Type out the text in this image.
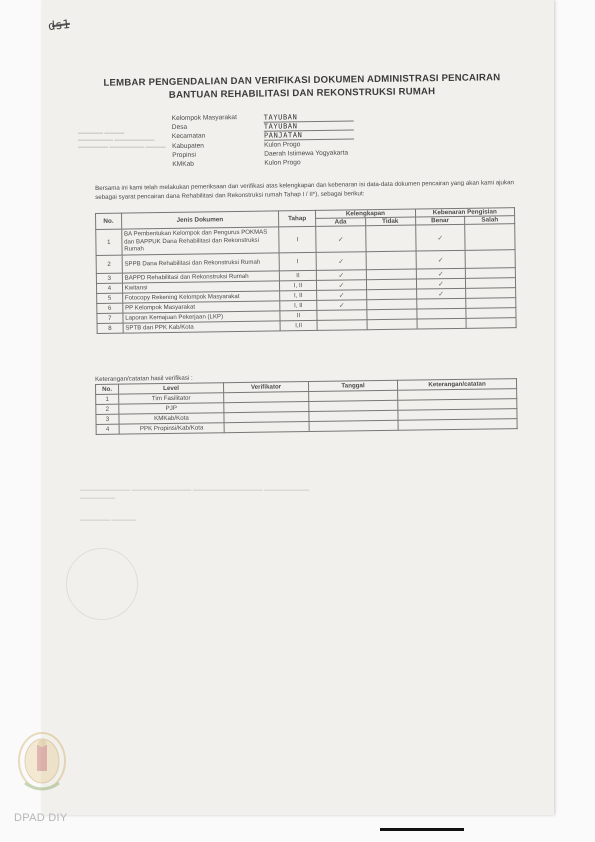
ds1
LEMBAR PENGENDALIAN DAN VERIFIKASI DOKUMEN ADMINISTRASI PENCAIRAN
BANTUAN REHABILITASI DAN REKONSTRUKSI RUMAH
▬▬▬▬▬ ▬▬▬▬
▬▬▬▬▬▬▬ ▬▬▬▬▬▬▬▬
▬▬▬▬▬▬ ▬▬▬▬▬▬▬ ▬▬▬▬
Kelompok Masyarakat	TAYUBAN
Desa	TAYUBAN
Kecamatan	PANJATAN
Kabupaten	Kulon Progo
Propinsi	Daerah Istimewa Yogyakarta
KMKab	Kulon Progo
Bersama ini kami telah melakukan pemeriksaan dan verifikasi atas kelengkapan dan kebenaran isi data-data dokumen pencairan yang akan kami ajukan sebagai syarat pencairan dana Rehabilitasi dan Rekonstruksi rumah Tahap I / II*), sebagai berikut:
No.	Jenis Dokumen	Tahap	Kelengkapan		Kebenaran Pengisian	
			Ada	Tidak	Benar	Salah
1	BA Pembentukan Kelompok dan Pengurus POKMAS dan BAPPUK Dana Rehabilitasi dan Rekonstruksi Rumah	I	✓		✓	
2	SPPB Dana Rehabilitasi dan Rekonstruksi Rumah	I	✓		✓	
3	BAPPD Rehabilitasi dan Rekonstruksi Rumah	II	✓		✓	
4	Kwitansi	I, II	✓		✓	
5	Fotocopy Rekening Kelompok Masyarakat	I, II	✓		✓	
6	PP Kelompok Masyarakat	I, II	✓			
7	Laporan Kemajuan Pekerjaan (LKP)	II				
8	SPTB dari PPK Kab/Kota	I,II				
Keterangan/catatan hasil verifikasi :
No.	Level	Verifikator	Tanggal	Keterangan/catatan
1	Tim Fasilitator			
2	PJP			
3	KMKab/Kota			
4	PPK Propinsi/Kab/Kota			
▬▬▬▬▬▬▬▬▬▬ ▬▬▬▬▬▬▬▬▬▬▬▬ ▬▬▬▬▬▬▬▬▬▬▬▬▬▬ ▬▬▬▬▬▬▬▬▬
▬▬▬▬▬▬▬
▬▬▬▬▬▬ ▬▬▬▬▬
DPAD DIY
